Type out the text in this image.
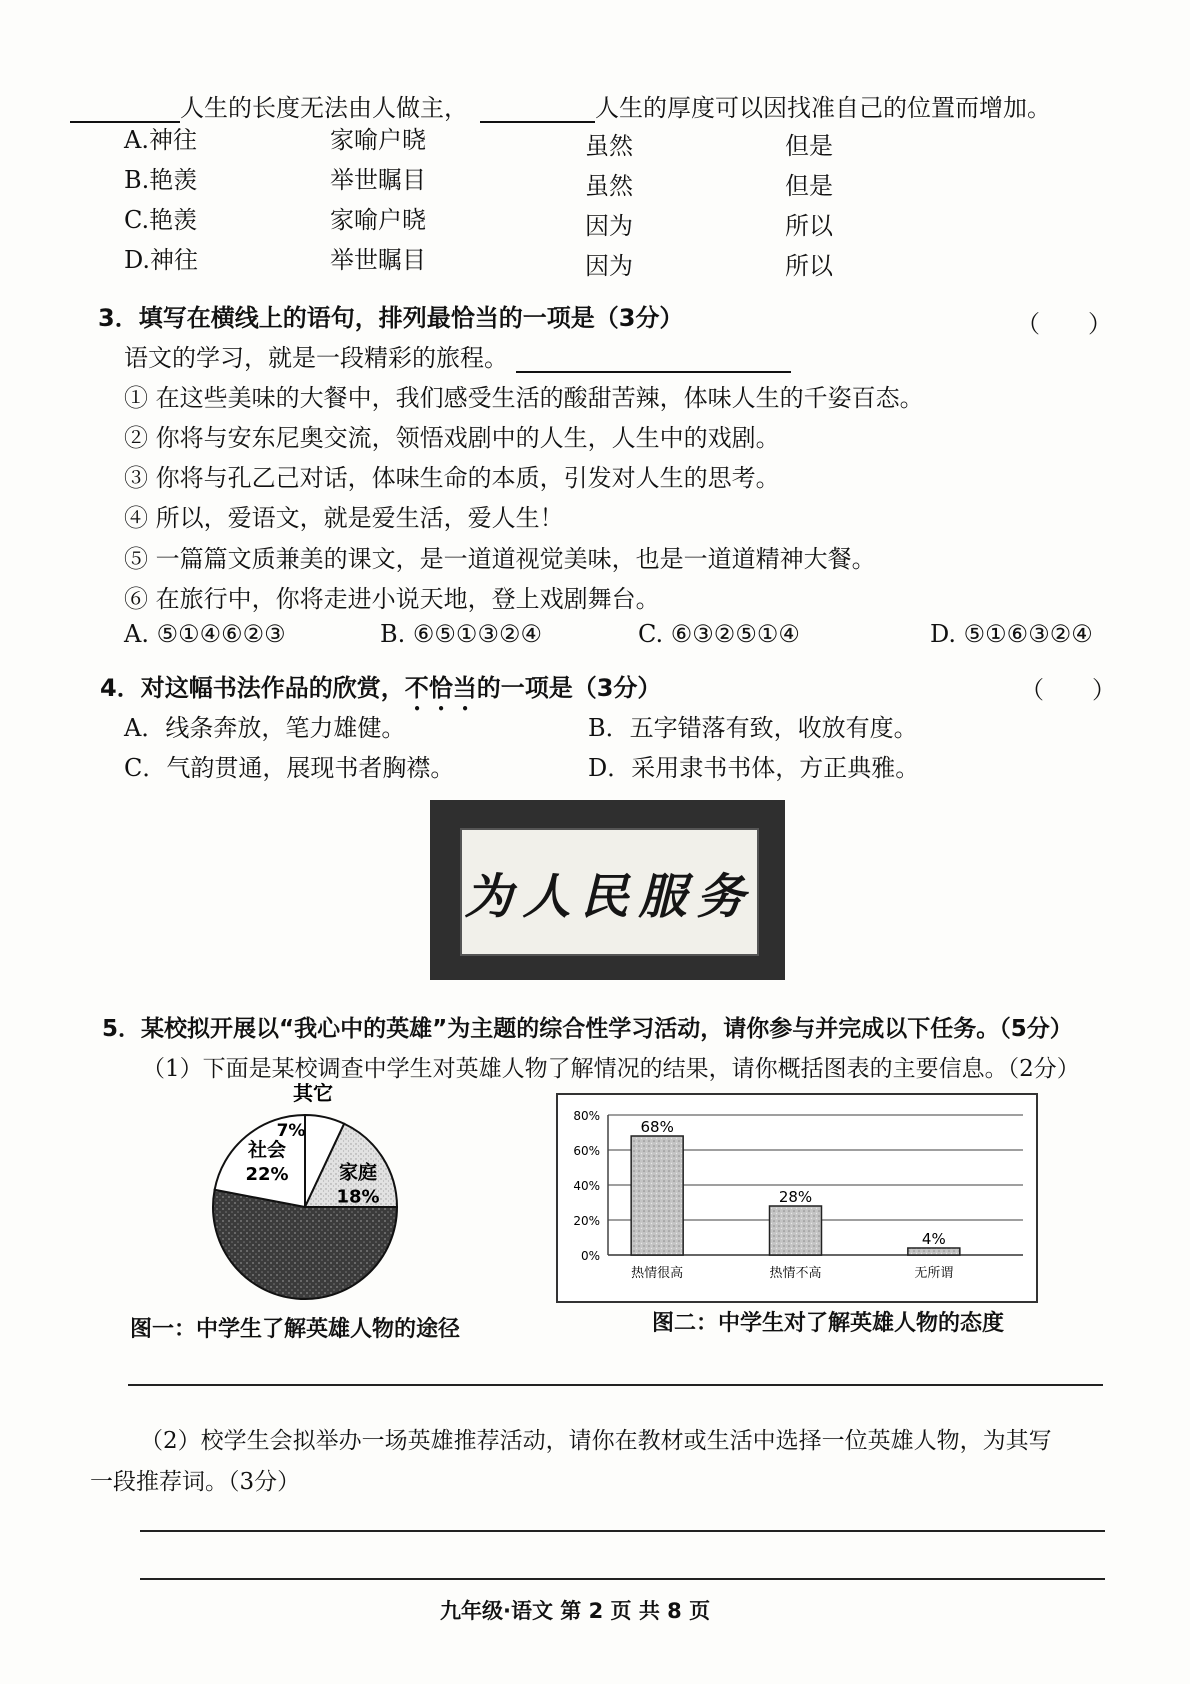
人生的长度无法由人做主，	人生的厚度可以因找准自己的位置而增加。
A.神往	家喻户晓	虽然	但是
B.艳羡	举世瞩目	虽然	但是
C.艳羡	家喻户晓	因为	所以
D.神往	举世瞩目	因为	所以
3．填写在横线上的语句，排列最恰当的一项是（3分）	（　　）
语文的学习，就是一段精彩的旅程。
① 在这些美味的大餐中，我们感受生活的酸甜苦辣，体味人生的千姿百态。
② 你将与安东尼奥交流，领悟戏剧中的人生，人生中的戏剧。
③ 你将与孔乙己对话，体味生命的本质，引发对人生的思考。
④ 所以，爱语文，就是爱生活，爱人生！
⑤ 一篇篇文质兼美的课文，是一道道视觉美味，也是一道道精神大餐。
⑥ 在旅行中，你将走进小说天地，登上戏剧舞台。
A. ⑤①④⑥②③	B. ⑥⑤①③②④	C. ⑥③②⑤①④	D. ⑤①⑥③②④
4．对这幅书法作品的欣赏，不恰当的一项是（3分）	（　　）
A．线条奔放，笔力雄健。	B．五字错落有致，收放有度。
C．气韵贯通，展现书者胸襟。	D．采用隶书书体，方正典雅。
为人民服务
5．某校拟开展以“我心中的英雄”为主题的综合性学习活动，请你参与并完成以下任务。（5分）
（1）下面是某校调查中学生对英雄人物了解情况的结果，请你概括图表的主要信息。（2分）
其它
7%
家庭
18%
社会
22%
0%
20%
40%
60%
80%
68%
热情很高
28%
热情不高
4%
无所谓
图一：中学生了解英雄人物的途径	图二：中学生对了解英雄人物的态度
（2）校学生会拟举办一场英雄推荐活动，请你在教材或生活中选择一位英雄人物，为其写
一段推荐词。（3分）
九年级·语文 第 2 页 共 8 页
